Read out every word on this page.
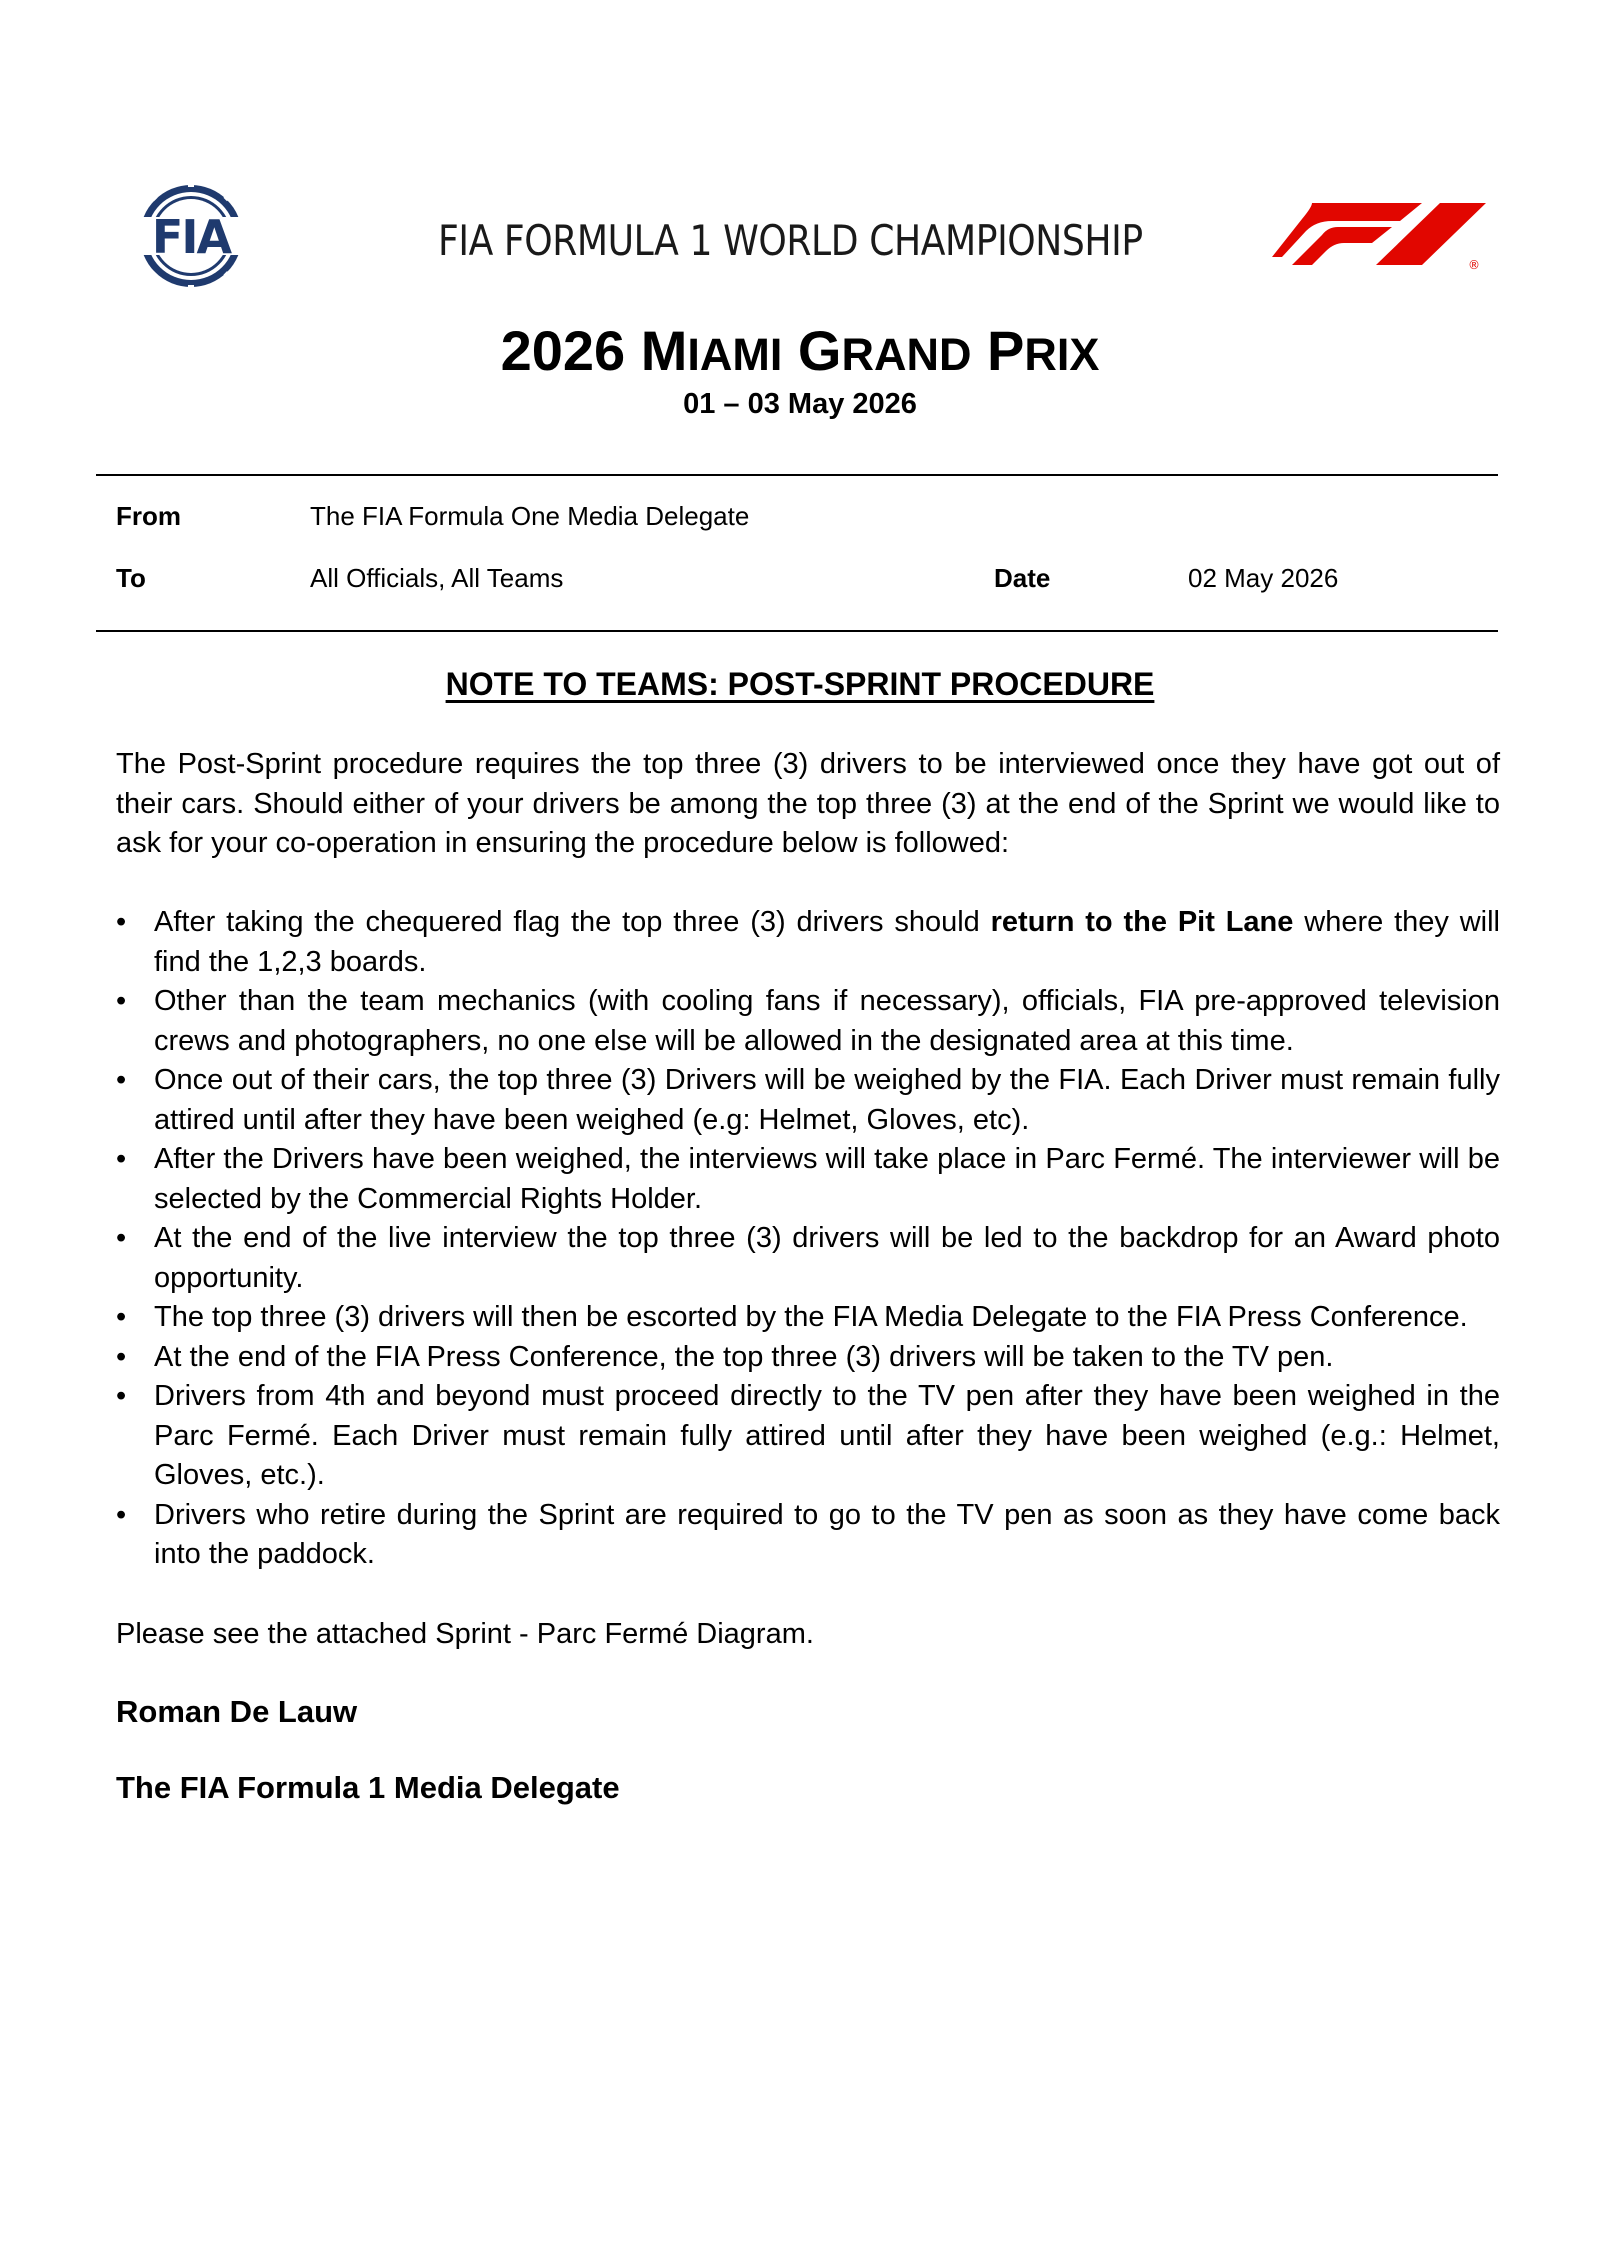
FIA	FIA FORMULA 1 WORLD CHAMPIONSHIP	®
2026 MIAMI GRAND PRIX
01 – 03 May 2026
From	The FIA Formula One Media Delegate
To	All Officials, All Teams	Date	02 May 2026
NOTE TO TEAMS: POST-SPRINT PROCEDURE

The Post-Sprint procedure requires the top three (3) drivers to be interviewed once they have got out of their cars. Should either of your drivers be among the top three (3) at the end of the Sprint we would like to ask for your co-operation in ensuring the procedure below is followed:

• After taking the chequered flag the top three (3) drivers should return to the Pit Lane where they will find the 1,2,3 boards.
• Other than the team mechanics (with cooling fans if necessary), officials, FIA pre-approved television crews and photographers, no one else will be allowed in the designated area at this time.
• Once out of their cars, the top three (3) Drivers will be weighed by the FIA. Each Driver must remain fully attired until after they have been weighed (e.g: Helmet, Gloves, etc).
• After the Drivers have been weighed, the interviews will take place in Parc Fermé. The interviewer will be selected by the Commercial Rights Holder.
• At the end of the live interview the top three (3) drivers will be led to the backdrop for an Award photo opportunity.
• The top three (3) drivers will then be escorted by the FIA Media Delegate to the FIA Press Conference.
• At the end of the FIA Press Conference, the top three (3) drivers will be taken to the TV pen.
• Drivers from 4th and beyond must proceed directly to the TV pen after they have been weighed in the Parc Fermé. Each Driver must remain fully attired until after they have been weighed (e.g.: Helmet, Gloves, etc.).
• Drivers who retire during the Sprint are required to go to the TV pen as soon as they have come back into the paddock.
Please see the attached Sprint - Parc Fermé Diagram.
Roman De Lauw
The FIA Formula 1 Media Delegate
